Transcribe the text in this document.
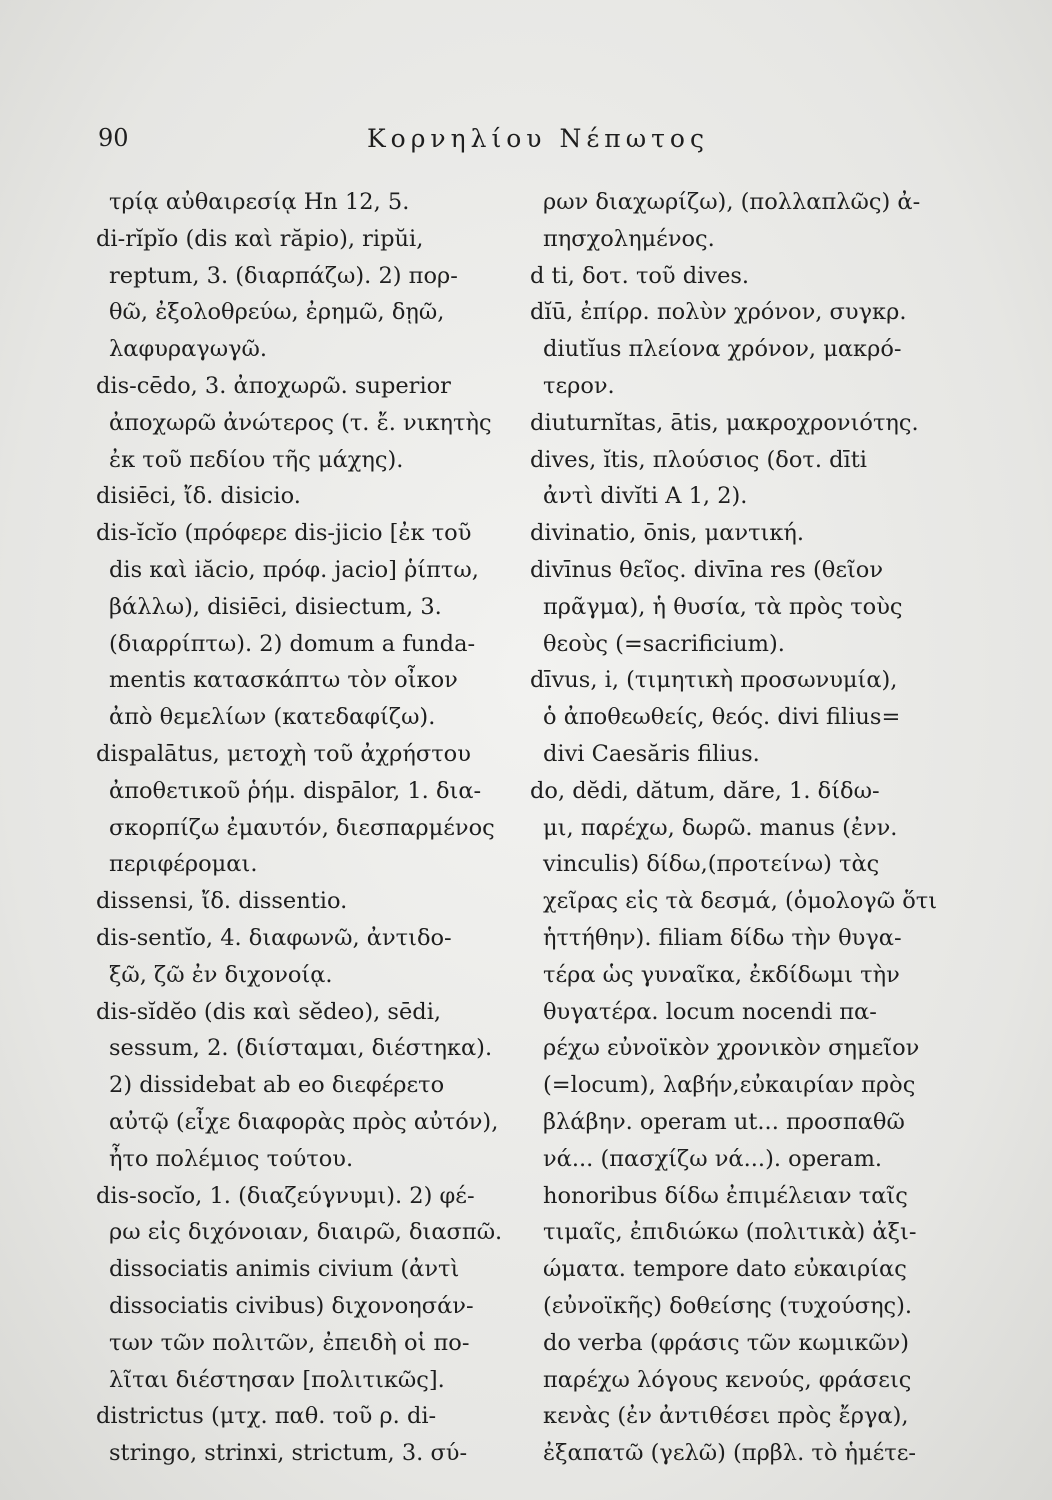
90	Κορνηλίου Νέπωτος
τρίᾳ αὐθαιρεσίᾳ Hn 12, 5.
di-rĭpĭo (dis καὶ răpio), ripŭi,
reptum, 3. (διαρπάζω). 2) πορ-
θῶ, ἐξολοθρεύω, ἐρημῶ, δῃῶ,
λαφυραγωγῶ.
dis-cēdo, 3. ἀποχωρῶ. superior
ἀποχωρῶ ἀνώτερος (τ. ἔ. νικητὴς
ἐκ τοῦ πεδίου τῆς μάχης).
disiēci, ἴδ. disicio.
dis-ĭcĭo (πρόφερε dis-jicio [ἐκ τοῦ
dis καὶ iăcio, πρόφ. jacio] ῥίπτω,
βάλλω), disiēci, disiectum, 3.
(διαρρίπτω). 2) domum a funda-
mentis κατασκάπτω τὸν οἶκον
ἀπὸ θεμελίων (κατεδαφίζω).
dispalātus, μετοχὴ τοῦ ἀχρήστου
ἀποθετικοῦ ῥήμ. dispālor, 1. δια-
σκορπίζω ἐμαυτόν, διεσπαρμένος
περιφέρομαι.
dissensi, ἴδ. dissentio.
dis-sentĭo, 4. διαφωνῶ, ἀντιδο-
ξῶ, ζῶ ἐν διχονοίᾳ.
dis-sĭdĕo (dis καὶ sĕdeo), sēdi,
sessum, 2. (διίσταμαι, διέστηκα).
2) dissidebat ab eo διεφέρετο
αὐτῷ (εἶχε διαφορὰς πρὸς αὐτόν),
ἦτο πολέμιος τούτου.
dis-socĭo, 1. (διαζεύγνυμι). 2) φέ-
ρω εἰς διχόνοιαν, διαιρῶ, διασπῶ.
dissociatis animis civium (ἀντὶ
dissociatis civibus) διχονοησάν-
των τῶν πολιτῶν, ἐπειδὴ οἱ πο-
λῖται διέστησαν [πολιτικῶς].
districtus (μτχ. παθ. τοῦ ρ. di-
stringo, strinxi, strictum, 3. σύ-
ρων διαχωρίζω), (πολλαπλῶς) ἀ-
πησχολημένος.
d ti, δοτ. τοῦ dives.
dĭū, ἐπίρρ. πολὺν χρόνον, συγκρ.
diutĭus πλείονα χρόνον, μακρό-
τερον.
diuturnĭtas, ātis, μακροχρονιότης.
dives, ĭtis, πλούσιος (δοτ. dīti
ἀντὶ divĭti A 1, 2).
divinatio, ōnis, μαντική.
divīnus θεῖος. divīna res (θεῖον
πρᾶγμα), ἡ θυσία, τὰ πρὸς τοὺς
θεοὺς (=sacrificium).
dīvus, i, (τιμητικὴ προσωνυμία),
ὁ ἀποθεωθείς, θεός. divi filius=
divi Caesăris filius.
do, dĕdi, dătum, dăre, 1. δίδω-
μι, παρέχω, δωρῶ. manus (ἐνν.
vinculis) δίδω,(προτείνω) τὰς
χεῖρας εἰς τὰ δεσμά, (ὁμολογῶ ὅτι
ἡττήθην). filiam δίδω τὴν θυγα-
τέρα ὡς γυναῖκα, ἐκδίδωμι τὴν
θυγατέρα. locum nocendi πα-
ρέχω εὐνοϊκὸν χρονικὸν σημεῖον
(=locum), λαβήν,εὐκαιρίαν πρὸς
βλάβην. operam ut... προσπαθῶ
νά... (πασχίζω νά...). operam.
honoribus δίδω ἐπιμέλειαν ταῖς
τιμαῖς, ἐπιδιώκω (πολιτικὰ) ἀξι-
ώματα. tempore dato εὐκαιρίας
(εὐνοϊκῆς) δοθείσης (τυχούσης).
do verba (φράσις τῶν κωμικῶν)
παρέχω λόγους κενούς, φράσεις
κενὰς (ἐν ἀντιθέσει πρὸς ἔργα),
ἐξαπατῶ (γελῶ) (πρβλ. τὸ ἡμέτε-
